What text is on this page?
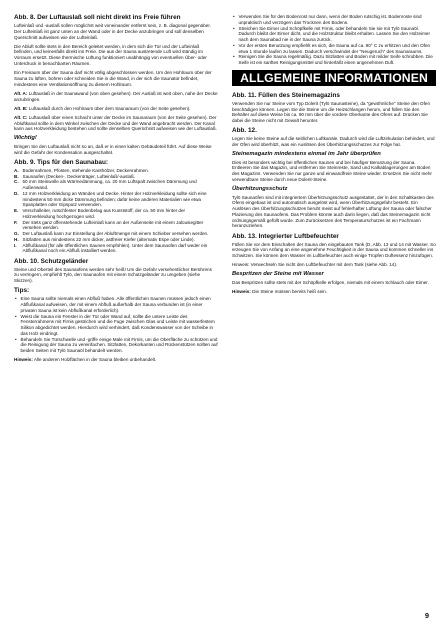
Abb. 8. Der Luftauslaß soll nicht direkt ins Freie führen

Lufteinlaß und -auslaß sollen möglichst weit voneinander entfernt sein, z. B. diagonal gegenüber. Der Lufteinlaß ist ganz unten an der Wand oder in der Decke anzubringen und soll denselben Querschnitt aufweisen wie der Lufteinlaß.

Die Abluft sollte stets in den Bereich geleitet werden, in dem sich die Tür und der Lufteinlaß befinden, und keinesfalls direkt ins Freie. Die aus der Sauna austretende Luft wird ständig im Vorraum ersetzt. Diese thermische Lüftung funktioniert unabhängig von eventuellen Über- oder Unterdruck in benachbarten Räumen.

Ein Freiraum über der Sauna darf nicht völlig abgeschlossen werden. Um den Hohlraum über der Sauna zu lüften, bohren oder schneiden Sie in die Wand, in der sich die Saunatür befindet, mindestens eine Ventilationsöffnung zu diesem Hohlraum.

Alt. A: Luftauslaß in der Saunawand (von oben gesehen). Der Auslaß ist weit oben, nahe der Decke anzubringen.

Alt. B: Luftauslaß durch den Hohlraum über dem Saunaraum (von der Seite gesehen).

Alt. C: Luftauslaß über einen Schacht unter der Decke im Saunaraum (von der Seite gesehen). Der Abluftkanal sollte in dem Winkel zwischen der Decke und der Wand angebracht werden. Der Kanal kann aus Holzverkleidung bestehen und sollte denselben Querschnitt aufweisen wie der Luftauslaß.

Wichtig!

Bringen Sie den Luftauslaß nicht so an, daß er in einen kalten Gebäudeteil führt. Auf diese Weise wird die Gefahr der Kondensation ausgeschaltet.

Abb. 9. Tips für den Saunabau:
A. Bodenrahmen, Pfosten, stehende Kanthölzer, Deckenrahmen.
B. Saunaofen (Decken-, Deckenträger, Lufteinlaß/-auslaß.
C. 50 mm Steinwolle als Wärmedämmung, ca. 20 mm Luftspalt zwischen Dämmung und Außenwand.
D. 12 mm Holzverkleidung an Wänden und Decke. Hinter der Holzverkleidung sollte sich eine mindestens 50 mm dicke Dämmung befinden; dafür keine anderen Materialien wie etwa Spanplatten oder Gipsputz verwenden.
E. Verschalleiter, rutschfester Bodenbelag aus Kunststoff, der ca. 50 mm hinter der Holzverkleidung hochgezogen wird.
F.	Der stets ganz offenstehende Lufteinlaß kann an der Außenseite mit einem Jalousiegitter versehen werden.
G. Der Luftauslaß kann zur Einstellung der Abluftmenge mit einem Schieber versehen werden.
H. Sitzlatten aus mindestens 22 mm dicker, astfreier Kiefer (alternativ Espe oder Linde).
I.	Abflußkanal (für alle öffentlichen Saunen empfohlen). Unter dem Saunaofen darf weder ein Abflußkanal noch ein Abfluß installiert werden.
Abb. 10. Schutzgeländer

Steine und Oberteil des Saunaofens werden sehr heiß! Um die Gefahr versehentlicher Berührens zu verringern, empfiehlt Tylö, den Saunaofen mit einem Schutzgeländer zu umgeben (siehe Skizzen).

Tips:
• Eine Sauna sollte niemals einen Abfluß haben. Alle öffentlichen Saunen müssen jedoch einen Abflußkanal aufweisen, der mit einem Abfluß außerhalb der Sauna verbunden ist (in einer privaten Sauna ist kein Abflußkanal erforderlich).
• Weist die Sauna ein Fenster in der Tür oder Wand auf, sollte die untere Leiste des Fensterrahmens mit Firnis gestrichen und die Fuge zwischen Glas und Leiste mit wasserfestem Silikon abgedichtet werden. Hierdurch wird verhindert, daß Kondenswasser von der Scheibe in das Holz eindringt.
• Behandeln Sie Türschwelle und -griffe einige Male mit Firnis, um die Oberfläche zu schützen und die Reinigung der Sauna zu vereinfachen. Sitzlatten, Dekorkanten und Rückenstützen sollten auf beiden Seiten mit Tylö Saunaöl behandelt werden.

Hinweis: Alle anderen Holzflächen in der Sauna bleiben unbehandelt.

• Verwenden Sie für den Bodenrost nur dann, wenn der Boden rutschig ist. Bodenroste sind unpraktisch und verzögern das Trocknen des Bodens.
• Streichen Sie Eimer und Schöpfkelle mit Firnis, oder behandeln Sie sie mit Tylö Saunaöl. Dadurch bleibt der Eimer dicht, und die Holzstruktur bleibt erhalten. Lassen Sie den Holzeimer nach dem Saunabad nie in der Sauna zurück.
• Vor der ersten Benutzung empfiehlt es sich, die Sauna auf ca. 90° C zu erhitzen und den Ofen etwa 1 Stunde laufen zu lassen. Dadurch verschwindet der "Neugeruch" des Saunaraums.
• Reinigen Sie die Sauna regelmäßig. Dazu Sitzlatten und Boden mit milder Seife schrubben. Die Seife ist ein sanftes Reinigungsmittel und hinterläßt einen angenehmen Duft.
ALLGEMEINE INFORMATIONEN
Abb. 11. Füllen des Steinemagazins

Verwenden Sie nur Steine vom Typ Dolerit (Tylö Saunasteine), da "gewöhnliche" Steine den Ofen beschädigen können. Legen Sie die Steine um die Heizschlangen herum, und füllen Sie den Behälter auf diese Weise bis ca. 90 mm über die vordere Oberkante des Ofens auf. Drücken Sie dabei die Steine nicht mit Gewalt herunter.

Abb. 12.

Legen Sie keine Steine auf die seitlichen Luftkanäle. Dadurch wird die Luftzirkulation behindert, und der Ofen wird überhitzt, was ein Auslösen des Überhitzungsschutzes zur Folge hat.

Steinemagazin mindestens einmal im Jahr überprüfen

Dies ist besonders wichtig bei öffentlichen Saunen und bei häufiger Benutzung der Sauna. Entleeren Sie das Magazin, und entfernen Sie Steinreste, Sand und Kalkablagerungen am Boden des Magazins. Verwenden Sie nur ganze und einwandfreie Steine wieder. Ersetzen Sie nicht mehr verwendbare Steine durch neue Dolerit-Steine.

Überhitzungsschutz

Tylö Saunaöfen sind mit integriertem Überhitzungsschutz ausgestattet, der in den Schaltkasten des Ofens eingebaut ist und automatisch ausgelöst wird, wenn Überhitzungsgefahr besteht. Ein Auslösen des Überhitzungsschutzes beruht meist auf fehlerhafter Lüftung der Sauna oder falscher Plazierung des Saunaofens. Das Problem könnte auch darin liegen, daß das Steinemagazin nicht ordnungsgemäß gefüllt wurde. Zum Zurücksetzen des Temperaturschutzes ist ein Fachmann heranzuziehen.

Abb. 13. Integrierter Luftbefeuchter

Füllen Sie vor dem Einschalten der Sauna den eingebauten Tank (D, Abb. 13 und 14 mit Wasser. So erzeugen Sie von Anfang an eine angenehme Feuchtigkeit in der Sauna und kommen schneller ins Schwitzen. Sie können dem Wasser im Luftbefeuchter auch einige Tropfen Duftessenz hinzufügen.

Hinweis: Verwechseln Sie nicht den Luftbefeuchter mit dem Tank (siehe Abb. 14).

Bespritzen der Steine mit Wasser

Das Bespritzen sollte stets mit der Schöpfkelle erfolgen, niemals mit einem Schlauch oder Eimer.

Hinweis: Die Steine müssen bereits heiß sein.

9
